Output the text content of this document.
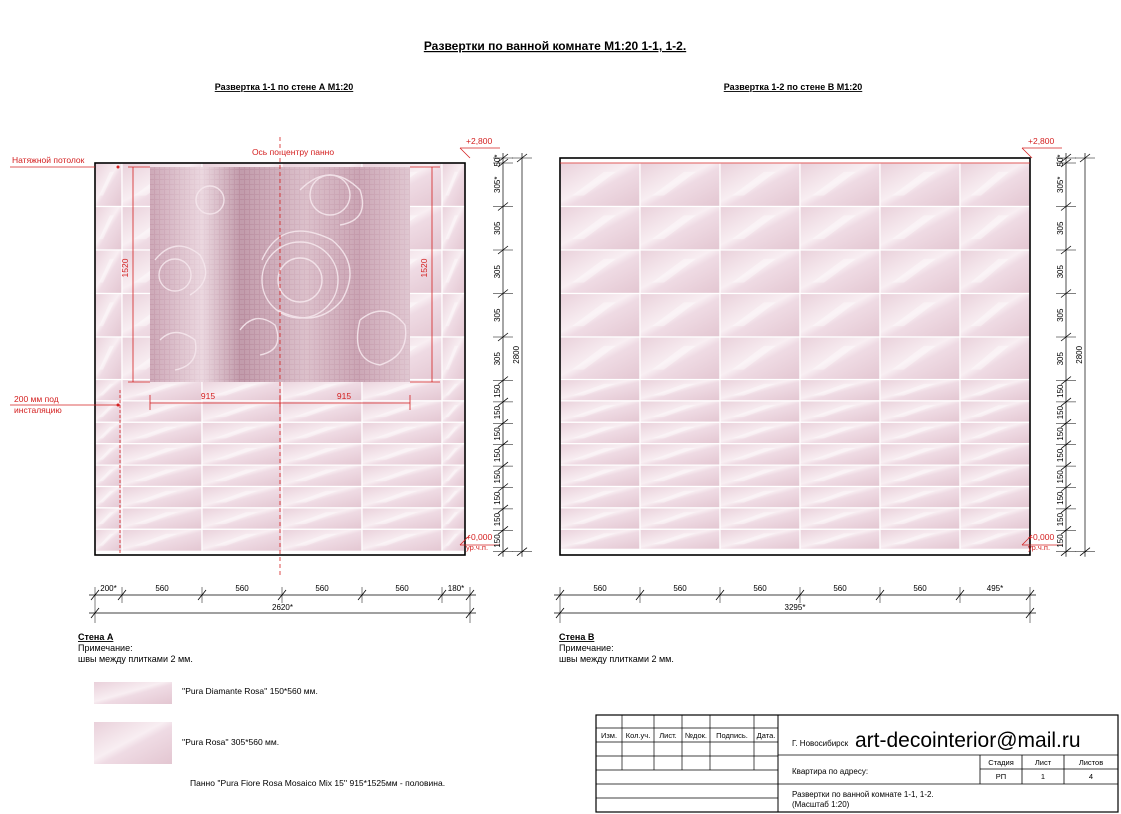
Развертки по ванной комнате М1:20 1-1, 1-2.
Развертка 1-1 по стене А М1:20
Натяжной потолок
Ось по центру панно
200 мм под
инсталяцию
+2,800
+0,000
ур.ч.п.
1520	1520
915	915
50*
305*
305
305
305
305
150
150
150
150
150
150
150
150
2800
200*	560	560	560	560	180*
2620*
Стена А
Примечание:
швы между плитками 2 мм.
Развертка 1-2 по стене В М1:20
+2,800
+0,000
ур.ч.п.
50*
305*
305
305
305
305
150
150
150
150
150
150
150
150
2800
560	560	560	560	560	495*
3295*
Стена В
Примечание:
швы между плитками 2 мм.
''Pura Diamante Rosa'' 150*560 мм.
''Pura Rosa'' 305*560 мм.
Панно ''Pura Fiore Rosa Mosaico Mix 15'' 915*1525мм - половина.
Изм. Кол.уч. Лист. №док. Подпись. Дата.
Г. Новосибирск art-decointerior@mail.ru
Квартира по адресу:
Стадия	Лист	Листов
РП	1	4
Развертки по ванной комнате 1-1, 1-2.
(Масштаб 1:20)
